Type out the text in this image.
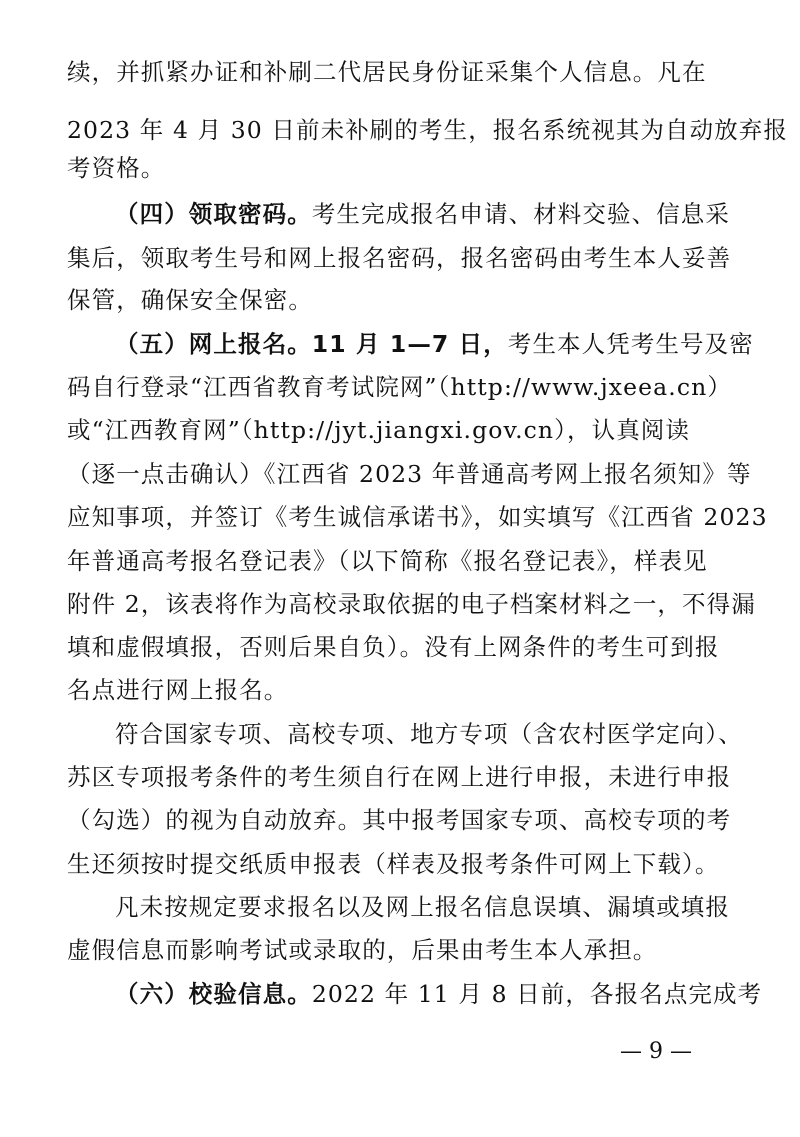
续，并抓紧办证和补刷二代居民身份证采集个人信息。凡在
2023 年 4 月 30 日前未补刷的考生，报名系统视其为自动放弃报
考资格。
（四）领取密码。考生完成报名申请、材料交验、信息采
集后，领取考生号和网上报名密码，报名密码由考生本人妥善
保管，确保安全保密。
（五）网上报名。11 月 1—7 日，考生本人凭考生号及密
码自行登录“江西省教育考试院网”（http://www.jxeea.cn）
或“江西教育网”（http://jyt.jiangxi.gov.cn），认真阅读
（逐一点击确认）《江西省 2023 年普通高考网上报名须知》等
应知事项，并签订《考生诚信承诺书》，如实填写《江西省 2023
年普通高考报名登记表》（以下简称《报名登记表》，样表见
附件 2，该表将作为高校录取依据的电子档案材料之一，不得漏
填和虚假填报，否则后果自负）。没有上网条件的考生可到报
名点进行网上报名。
符合国家专项、高校专项、地方专项（含农村医学定向）、
苏区专项报考条件的考生须自行在网上进行申报，未进行申报
（勾选）的视为自动放弃。其中报考国家专项、高校专项的考
生还须按时提交纸质申报表（样表及报考条件可网上下载）。
凡未按规定要求报名以及网上报名信息误填、漏填或填报
虚假信息而影响考试或录取的，后果由考生本人承担。
（六）校验信息。2022 年 11 月 8 日前，各报名点完成考
— 9 —
